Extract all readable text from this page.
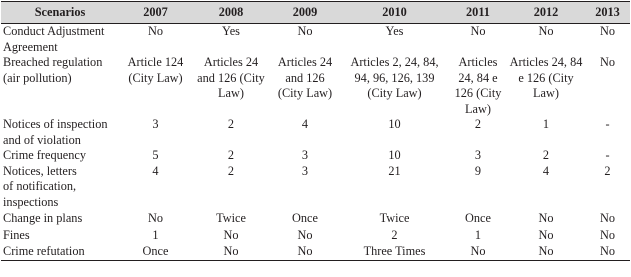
Scenarios	2007	2008	2009	2010	2011	2012	2013
Conduct Adjustment
Agreement	No	Yes	No	Yes	No	No	No
Breached regulation
(air pollution)	Article 124 (City Law)	Articles 24 and 126 (City Law)	Articles 24 and 126 (City Law)	Articles 2, 24, 84, 94, 96, 126, 139 (City Law)	Articles 24, 84 e 126 (City Law)	Articles 24, 84 e 126 (City Law)	No
Notices of inspection
and of violation	3	2	4	10	2	1	-
Crime frequency	5	2	3	10	3	2	-
Notices, letters
of notification,
inspections	4	2	3	21	9	4	2
Change in plans	No	Twice	Once	Twice	Once	No	No
Fines	1	No	No	2	1	No	No
Crime refutation	Once	No	No	Three Times	No	No	No
